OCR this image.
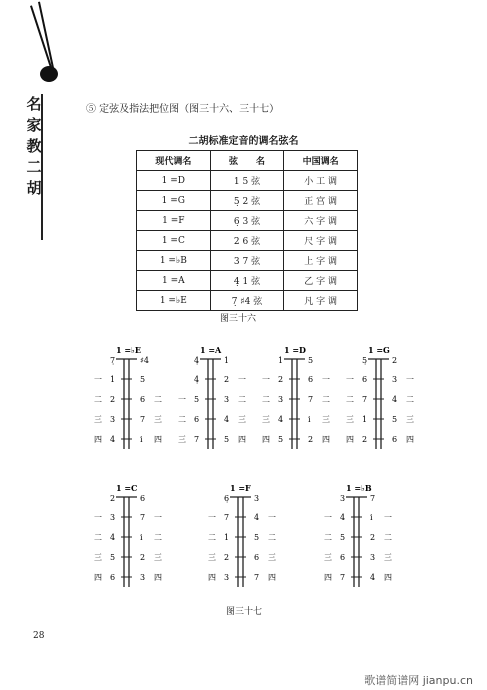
名
家
教
二
胡
⑤ 定弦及指法把位图（图三十六、三十七）
二胡标准定音的调名弦名
现代调名	弦　　名	中国调名
1 =D	1 5 弦	小 工 调
1 =G	5̣ 2 弦	正 宫 调
1 =F	6̣ 3 弦	六 字 调
1 =C	2 6 弦	尺 字 调
1 =♭B	3 7 弦	上 字 调
1 =A	4̣ 1 弦	乙 字 调
1 =♭E	7̣ ♯4 弦	凡 字 调
图三十六
1 =♭E
7̣	♯4
一 1	5
二 2	6 二
三 3	7 三
四 4	i 四
1 =A
4̣	1
4̣	2 一
一 5	3 二
二 6	4 三
三 7	5 四
1 =D
1	5
一 2	6 一
二 3	7 二
三 4	i 三
四 5	2 四
1 =G
5̣	2
一 6	3 一
二 7	4 二
三 1	5 三
四 2	6 四
1 =C
2	6
一 3	7 一
二 4	i 二
三 5	2 三
四 6	3 四
1 =F
6̣	3
一 7	4 一
二 1	5 二
三 2	6 三
四 3	7 四
1 =♭B
3	7
一 4	i 一
二 5	2 二
三 6	3 三
四 7	4 四
图三十七
28
歌谱简谱网 jianpu.cn
